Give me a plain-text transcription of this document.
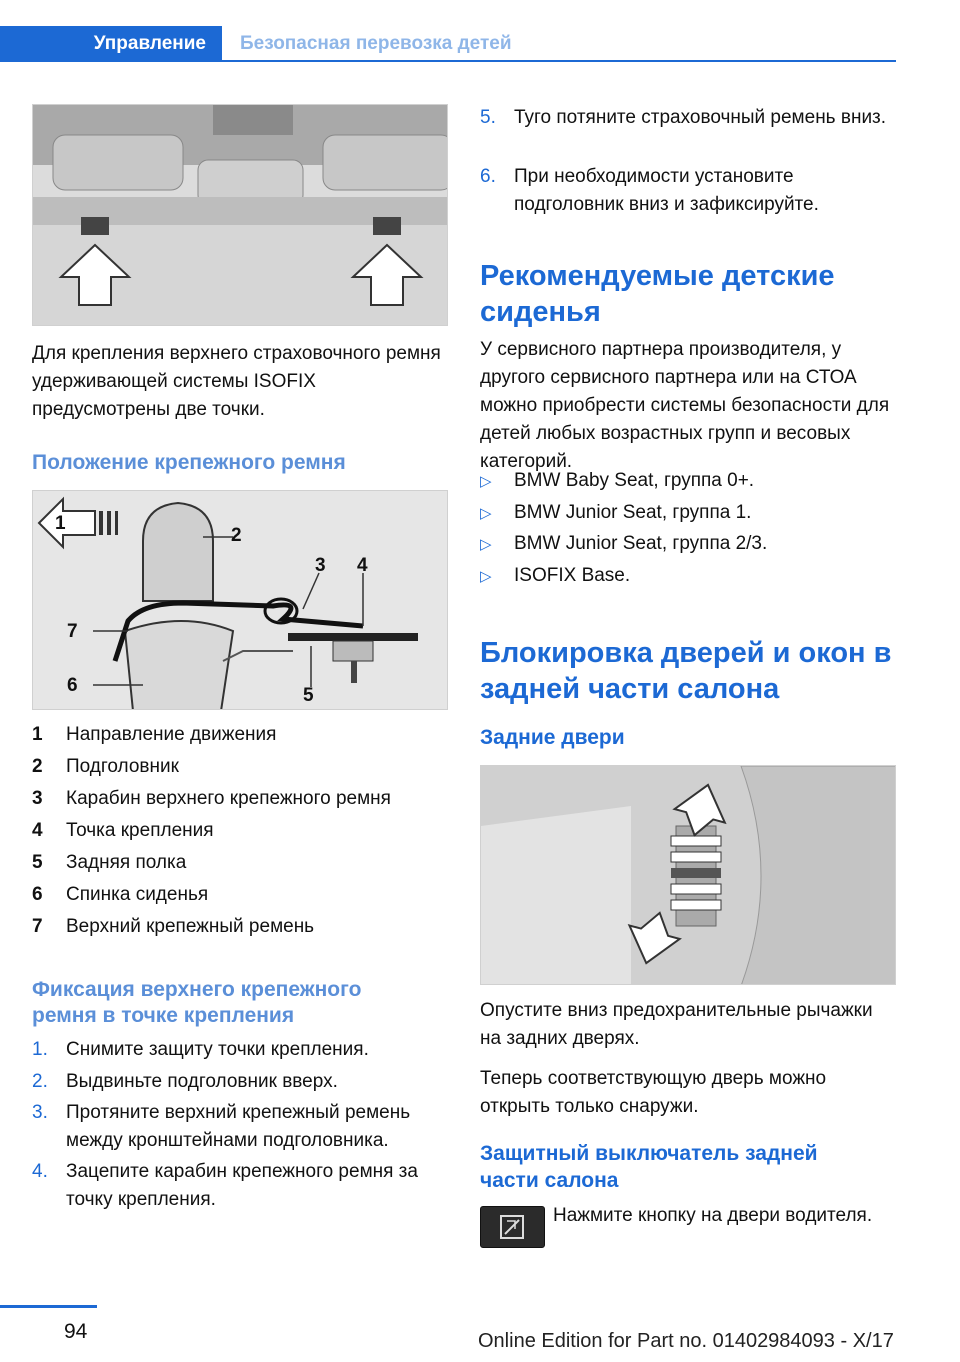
Управление	Безопасная перевозка детей
Для крепления верхнего страховочного ремня удерживающей системы ISOFIX предусмотрены две точки.
Положение крепежного ремня
1
2
3 4
5
6
7
1 Направление движения
2 Подголовник
3 Карабин верхнего крепежного ремня
4 Точка крепления
5 Задняя полка
6 Спинка сиденья
7 Верхний крепежный ремень
Фиксация верхнего крепежного ремня в точке крепления
1. Снимите защиту точки крепления.
2. Выдвиньте подголовник вверх.
3. Протяните верхний крепежный ремень между кронштейнами подголовника.
4. Зацепите карабин крепежного ремня за точку крепления.
5. Туго потяните страховочный ремень вниз.
6. При необходимости установите подголовник вниз и зафиксируйте.
Рекомендуемые детские сиденья
У сервисного партнера производителя, у другого сервисного партнера или на СТОА можно приобрести системы безопасности для детей любых возрастных групп и весовых категорий.
▷ BMW Baby Seat, группа 0+.
▷ BMW Junior Seat, группа 1.
▷ BMW Junior Seat, группа 2/3.
▷ ISOFIX Base.
Блокировка дверей и окон в задней части салона
Задние двери
Опустите вниз предохранительные рычажки на задних дверях.
Теперь соответствующую дверь можно открыть только снаружи.
Защитный выключатель задней части салона
Нажмите кнопку на двери водителя.
94	Online Edition for Part no. 01402984093 - X/17
